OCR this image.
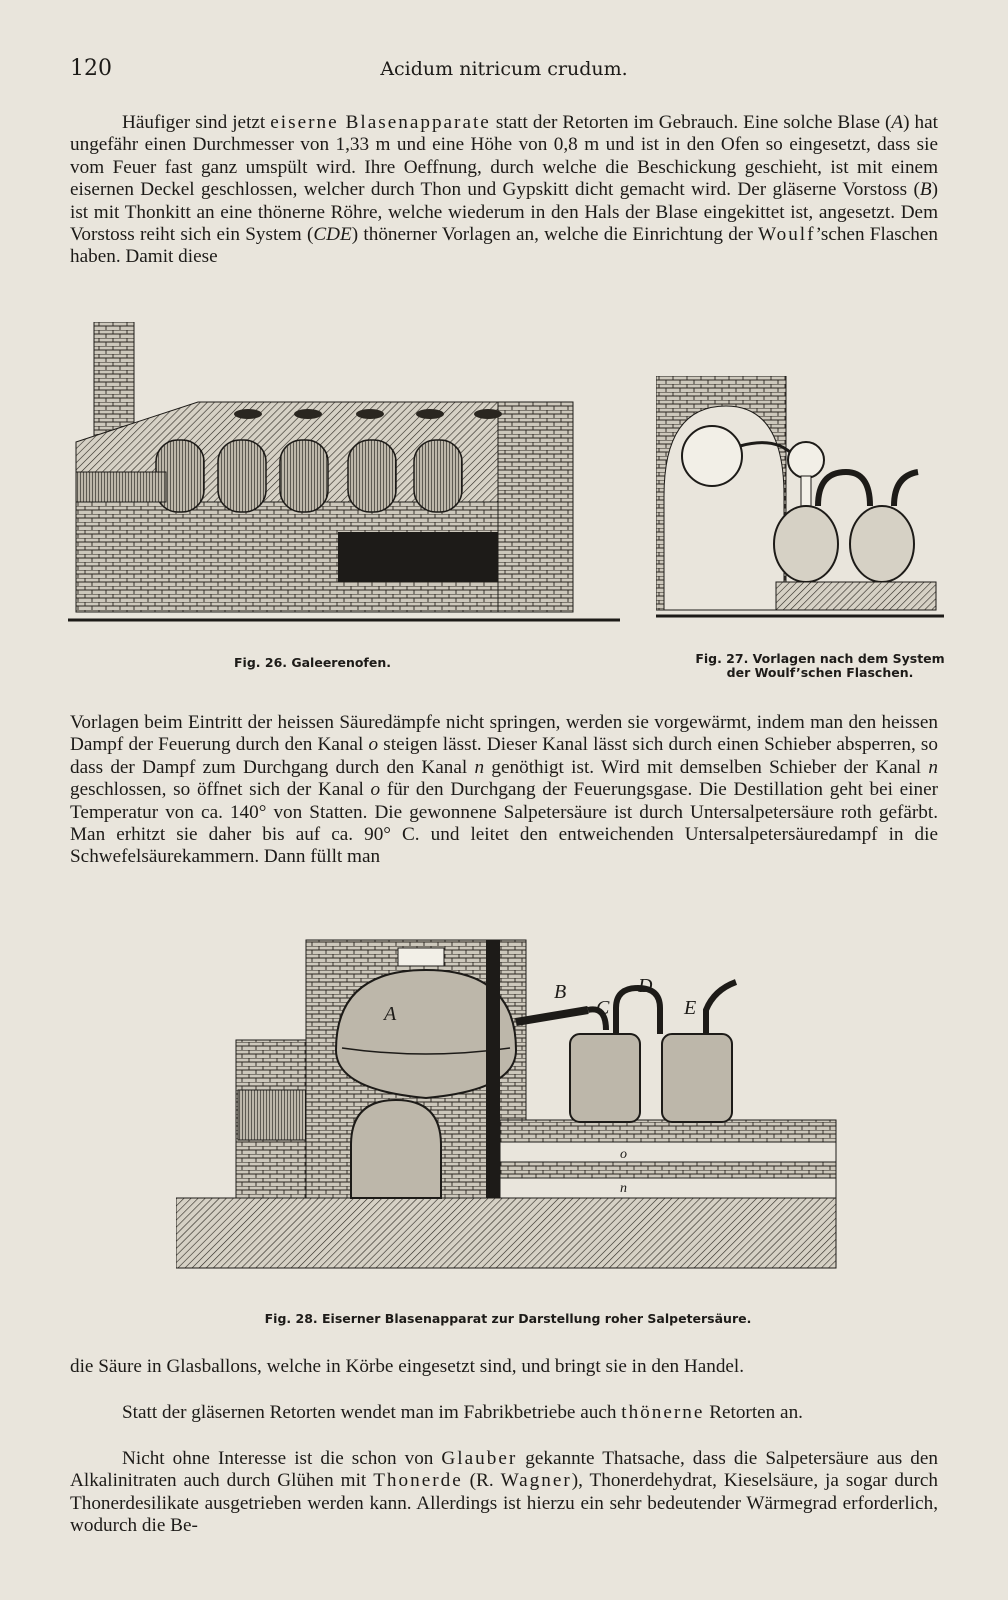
120	Acidum nitricum crudum.

Häufiger sind jetzt eiserne Blasenapparate statt der Retorten im Gebrauch. Eine solche Blase (A) hat ungefähr einen Durchmesser von 1,33 m und eine Höhe von 0,8 m und ist in den Ofen so eingesetzt, dass sie vom Feuer fast ganz umspült wird. Ihre Oeffnung, durch welche die Beschickung geschieht, ist mit einem eisernen Deckel geschlossen, welcher durch Thon und Gypskitt dicht gemacht wird. Der gläserne Vorstoss (B) ist mit Thonkitt an eine thönerne Röhre, welche wiederum in den Hals der Blase eingekittet ist, angesetzt. Dem Vorstoss reiht sich ein System (CDE) thönerner Vorlagen an, welche die Einrichtung der Woulf’schen Flaschen haben. Damit diese

Fig. 26. Galeerenofen.	Fig. 27. Vorlagen nach dem System
der Woulf’schen Flaschen.

Vorlagen beim Eintritt der heissen Säuredämpfe nicht springen, werden sie vorgewärmt, indem man den heissen Dampf der Feuerung durch den Kanal o steigen lässt. Dieser Kanal lässt sich durch einen Schieber absperren, so dass der Dampf zum Durchgang durch den Kanal n genöthigt ist. Wird mit demselben Schieber der Kanal n geschlossen, so öffnet sich der Kanal o für den Durchgang der Feuerungsgase. Die Destillation geht bei einer Temperatur von ca. 140° von Statten. Die gewonnene Salpetersäure ist durch Untersalpetersäure roth gefärbt. Man erhitzt sie daher bis auf ca. 90° C. und leitet den entweichenden Untersalpetersäuredampf in die Schwefelsäurekammern. Dann füllt man

A
B
C
D
E
o
n
Fig. 28. Eiserner Blasenapparat zur Darstellung roher Salpetersäure.

die Säure in Glasballons, welche in Körbe eingesetzt sind, und bringt sie in den Handel.

Statt der gläsernen Retorten wendet man im Fabrikbetriebe auch thönerne Retorten an.

Nicht ohne Interesse ist die schon von Glauber gekannte Thatsache, dass die Salpetersäure aus den Alkalinitraten auch durch Glühen mit Thonerde (R. Wagner), Thonerdehydrat, Kieselsäure, ja sogar durch Thonerdesilikate ausgetrieben werden kann. Allerdings ist hierzu ein sehr bedeutender Wärmegrad erforderlich, wodurch die Be-
